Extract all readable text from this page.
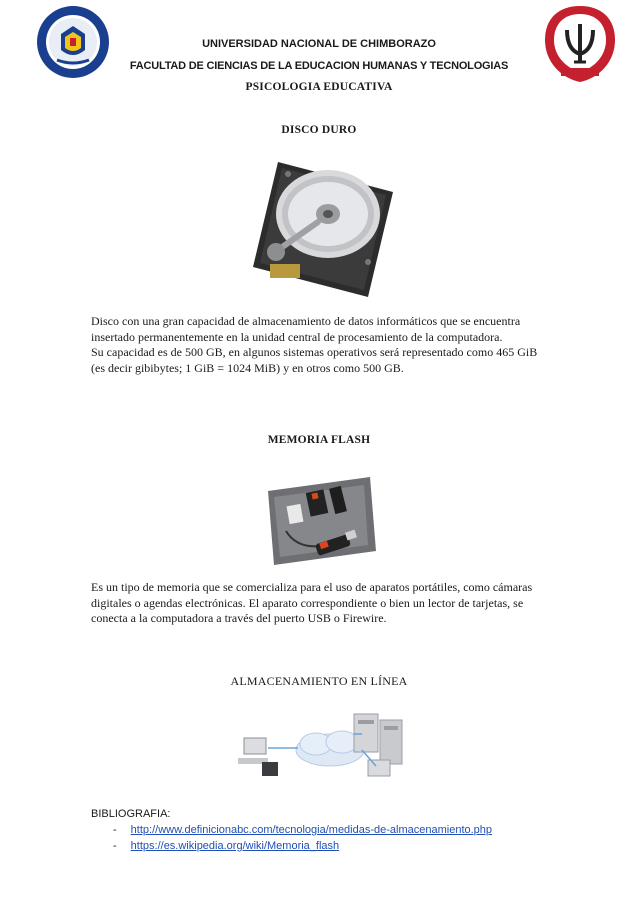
UNIVERSIDAD NACIONAL DE CHIMBORAZO
FACULTAD DE CIENCIAS DE LA EDUCACION HUMANAS Y TECNOLOGIAS
PSICOLOGIA EDUCATIVA
DISCO DURO

Disco con una gran capacidad de almacenamiento de datos informáticos que se encuentra insertado permanentemente en la unidad central de procesamiento de la computadora.

Su capacidad es de 500 GB, en algunos sistemas operativos será representado como 465 GiB (es decir gibibytes; 1 GiB = 1024 MiB) y en otros como 500 GB.

MEMORIA FLASH
Es un tipo de memoria que se comercializa para el uso de aparatos portátiles, como cámaras digitales o agendas electrónicas. El aparato correspondiente o bien un lector de tarjetas, se conecta a la computadora a través del puerto USB o Firewire.
ALMACENAMIENTO EN LÍNEA
BIBLIOGRAFIA:
- http://www.definicionabc.com/tecnologia/medidas-de-almacenamiento.php
- https://es.wikipedia.org/wiki/Memoria_flash
